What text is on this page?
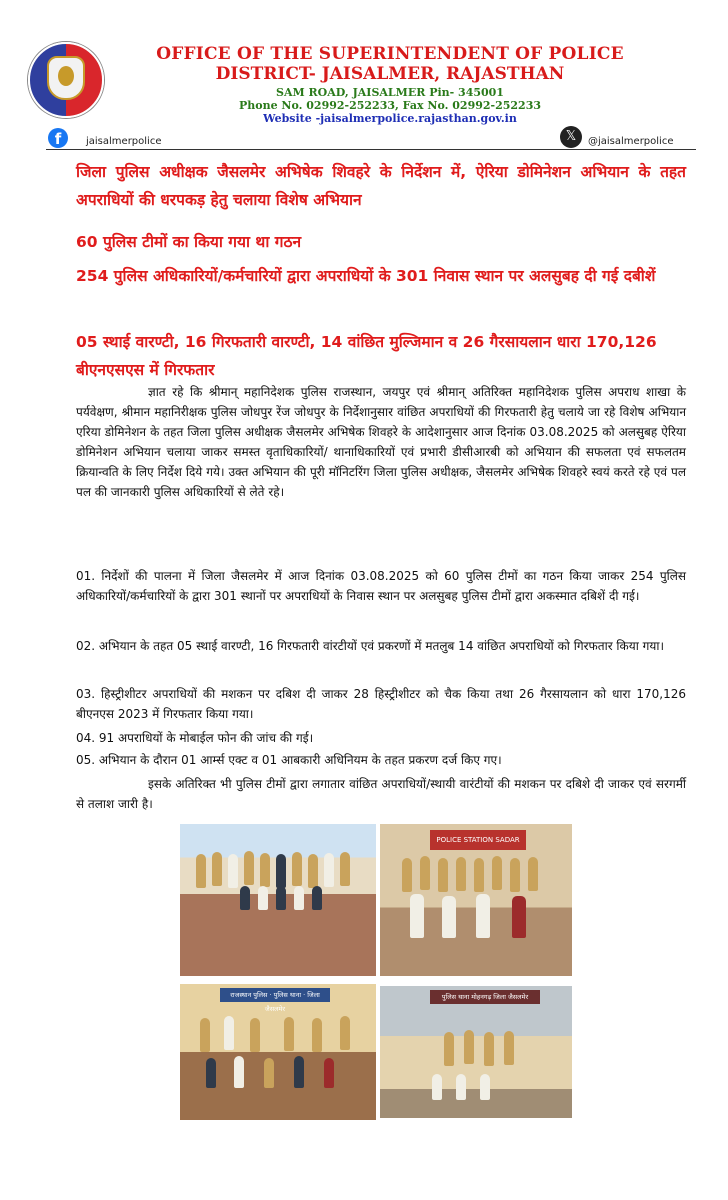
OFFICE OF THE SUPERINTENDENT OF POLICE
DISTRICT- JAISALMER, RAJASTHAN
SAM ROAD, JAISALMER Pin- 345001
Phone No. 02992-252233, Fax No. 02992-252233
Website -jaisalmerpolice.rajasthan.gov.in
f	jaisalmerpolice	𝕏	@jaisalmerpolice
जिला पुलिस अधीक्षक जैसलमेर अभिषेक शिवहरे के निर्देशन में, ऐरिया डोमिनेशन अभियान के तहत अपराधियों की धरपकड़ हेतु चलाया विशेष अभियान
60 पुलिस टीमों का किया गया था गठन
254 पुलिस अधिकारियों/कर्मचारियों द्वारा अपराधियों के 301 निवास स्थान पर अलसुबह दी गई दबीशें
05 स्थाई वारण्टी, 16 गिरफतारी वारण्टी, 14 वांछित मुल्जिमान व 26 गैरसायलान धारा 170,126 बीएनएसएस में गिरफतार
ज्ञात रहे कि श्रीमान् महानिदेशक पुलिस राजस्थान, जयपुर एवं श्रीमान् अतिरिक्त महानिदेशक पुलिस अपराध शाखा के पर्यवेक्षण, श्रीमान महानिरीक्षक पुलिस जोधपुर रेंज जोधपुर के निर्देशानुसार वांछित अपराधियों की गिरफतारी हेतु चलाये जा रहे विशेष अभियान एरिया डोमिनेशन के तहत जिला पुलिस अधीक्षक जैसलमेर अभिषेक शिवहरे के आदेशानुसार आज दिनांक 03.08.2025 को अलसुबह ऐरिया डोमिनेशन अभियान चलाया जाकर समस्त वृताधिकारियों/ थानाधिकारियों एवं प्रभारी डीसीआरबी को अभियान की सफलता एवं सफलतम क्रियान्वति के लिए निर्देश दिये गये। उक्त अभियान की पूरी मॉनिटरिंग जिला पुलिस अधीक्षक, जैसलमेर अभिषेक शिवहरे स्वयं करते रहे एवं पल पल की जानकारी पुलिस अधिकारियों से लेते रहे।
01. निर्देशों की पालना में जिला जैसलमेर में आज दिनांक 03.08.2025 को 60 पुलिस टीमों का गठन किया जाकर 254 पुलिस अधिकारियों/कर्मचारियों के द्वारा 301 स्थानों पर अपराधियों के निवास स्थान पर अलसुबह पुलिस टीमों द्वारा अकस्मात दबिशें दी गई।
02. अभियान के तहत 05 स्थाई वारण्टी, 16 गिरफतारी वांरटीयों एवं प्रकरणों में मतलुब 14 वांछित अपराधियों को गिरफतार किया गया।
03. हिस्ट्रीशीटर अपराधियों की मशकन पर दबिश दी जाकर 28 हिस्ट्रीशीटर को चैक किया तथा 26 गैरसायलान को धारा 170,126 बीएनएस 2023 में गिरफतार किया गया।
04. 91 अपराधियों के मोबाईल फोन की जांच की गई।
05. अभियान के दौरान 01 आर्म्स एक्ट व 01 आबकारी अधिनियम के तहत प्रकरण दर्ज किए गए।
इसके अतिरिक्त भी पुलिस टीमों द्वारा लगातार वांछित अपराधियों/स्थायी वारंटीयों की मशकन पर दबिशे दी जाकर एवं सरगर्मी से तलाश जारी है।
POLICE STATION SADAR
राजस्थान पुलिस · पुलिस थाना · जिला जैसलमेर
पुलिस थाना मोहनगढ़ जिला जैसलमेर
